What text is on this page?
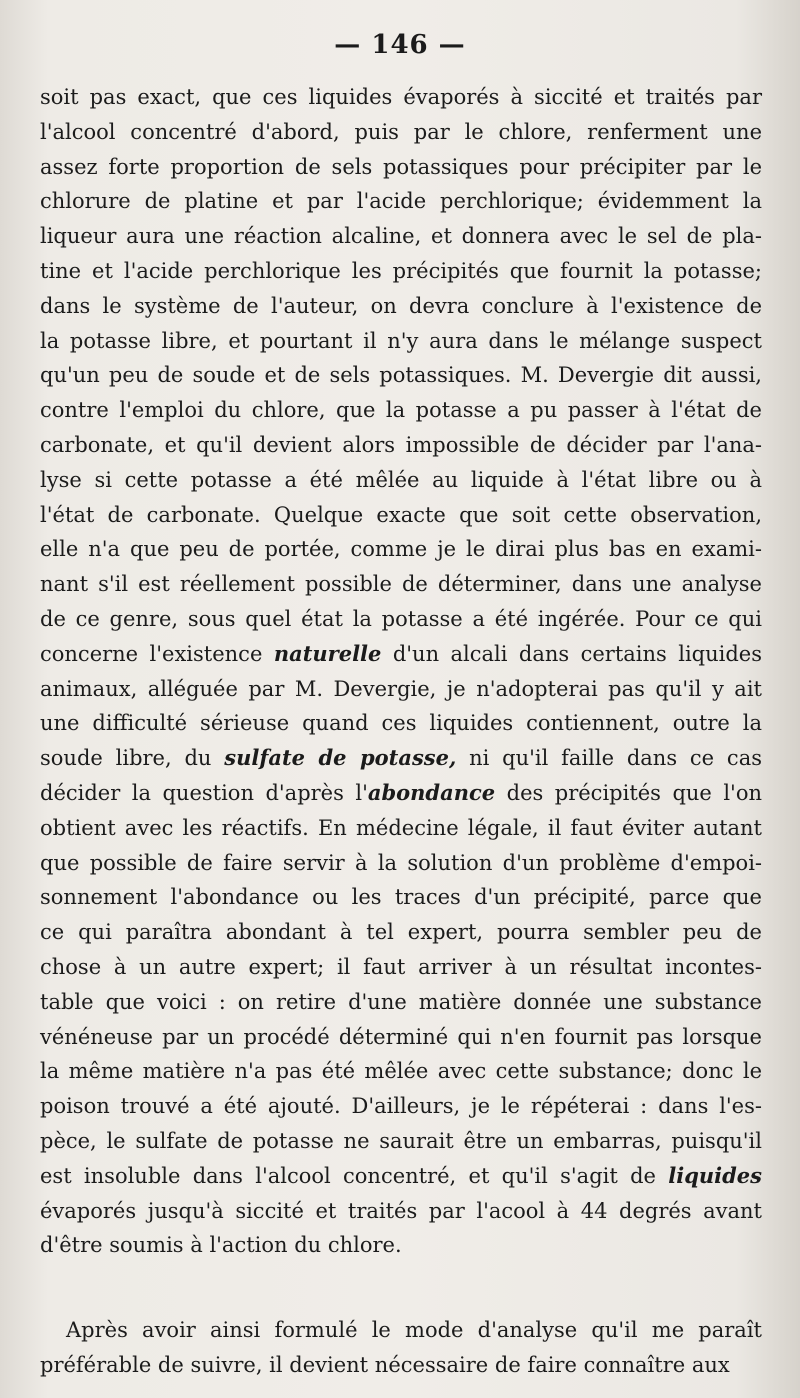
— 146 —
soit pas exact, que ces liquides évaporés à siccité et traités par
l'alcool concentré d'abord, puis par le chlore, renferment une
assez forte proportion de sels potassiques pour précipiter par le
chlorure de platine et par l'acide perchlorique; évidemment la
liqueur aura une réaction alcaline, et donnera avec le sel de pla-
tine et l'acide perchlorique les précipités que fournit la potasse;
dans le système de l'auteur, on devra conclure à l'existence de
la potasse libre, et pourtant il n'y aura dans le mélange suspect
qu'un peu de soude et de sels potassiques. M. Devergie dit aussi,
contre l'emploi du chlore, que la potasse a pu passer à l'état de
carbonate, et qu'il devient alors impossible de décider par l'ana-
lyse si cette potasse a été mêlée au liquide à l'état libre ou à
l'état de carbonate. Quelque exacte que soit cette observation,
elle n'a que peu de portée, comme je le dirai plus bas en exami-
nant s'il est réellement possible de déterminer, dans une analyse
de ce genre, sous quel état la potasse a été ingérée. Pour ce qui
concerne l'existence naturelle d'un alcali dans certains liquides
animaux, alléguée par M. Devergie, je n'adopterai pas qu'il y ait
une difficulté sérieuse quand ces liquides contiennent, outre la
soude libre, du sulfate de potasse, ni qu'il faille dans ce cas
décider la question d'après l'abondance des précipités que l'on
obtient avec les réactifs. En médecine légale, il faut éviter autant
que possible de faire servir à la solution d'un problème d'empoi-
sonnement l'abondance ou les traces d'un précipité, parce que
ce qui paraîtra abondant à tel expert, pourra sembler peu de
chose à un autre expert; il faut arriver à un résultat incontes-
table que voici : on retire d'une matière donnée une substance
vénéneuse par un procédé déterminé qui n'en fournit pas lorsque
la même matière n'a pas été mêlée avec cette substance; donc le
poison trouvé a été ajouté. D'ailleurs, je le répéterai : dans l'es-
pèce, le sulfate de potasse ne saurait être un embarras, puisqu'il
est insoluble dans l'alcool concentré, et qu'il s'agit de liquides
évaporés jusqu'à siccité et traités par l'acool à 44 degrés avant
d'être soumis à l'action du chlore.
Après avoir ainsi formulé le mode d'analyse qu'il me paraît
préférable de suivre, il devient nécessaire de faire connaître aux
